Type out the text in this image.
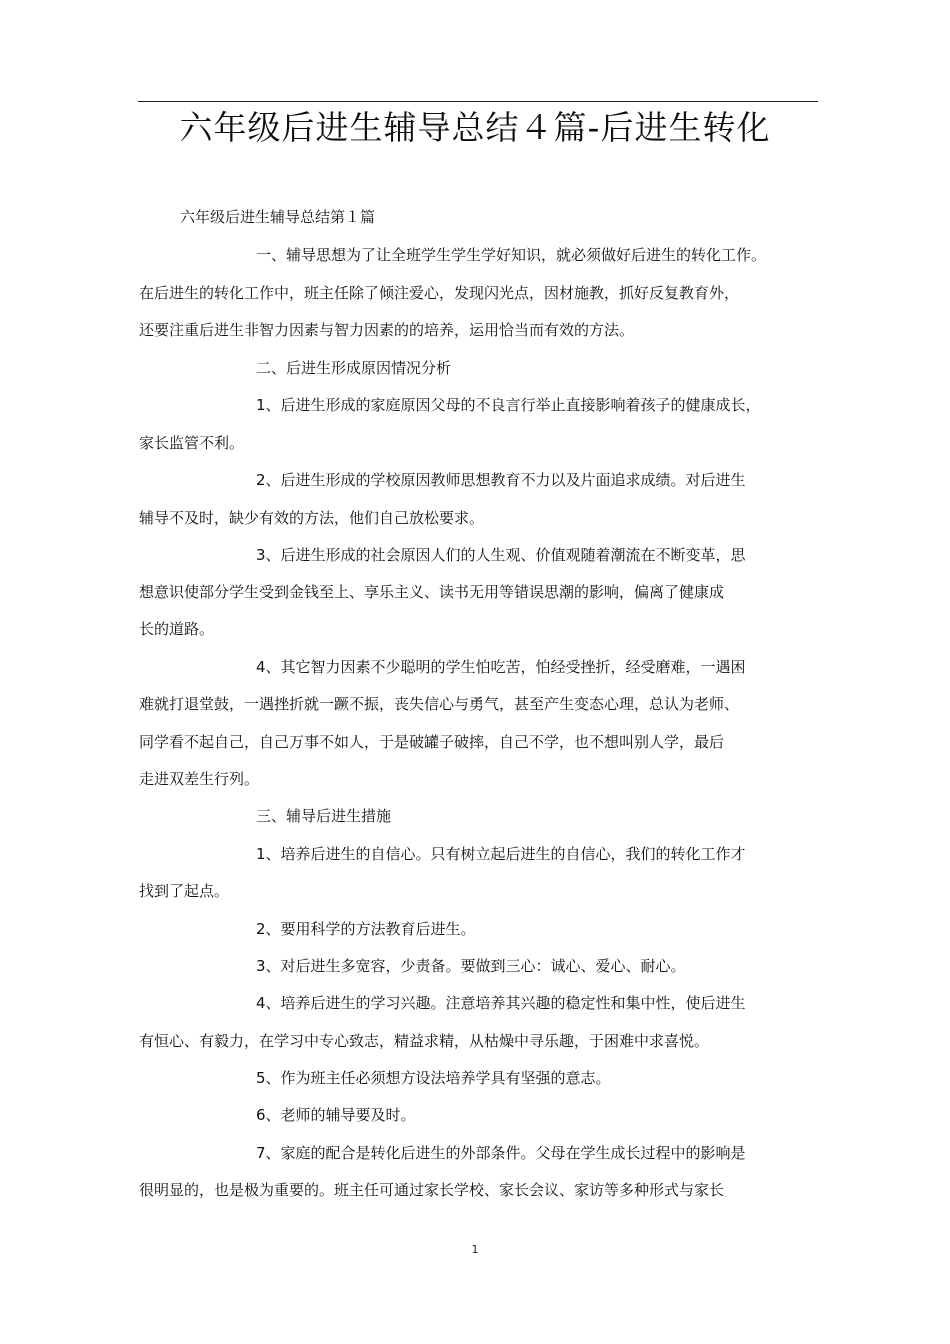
六年级后进生辅导总结４篇-后进生转化
六年级后进生辅导总结第１篇
一、辅导思想为了让全班学生学生学好知识，就必须做好后进生的转化工作。
在后进生的转化工作中，班主任除了倾注爱心，发现闪光点，因材施教，抓好反复教育外，
还要注重后进生非智力因素与智力因素的的培养，运用恰当而有效的方法。
二、后进生形成原因情况分析
1、后进生形成的家庭原因父母的不良言行举止直接影响着孩子的健康成长，
家长监管不利。
2、后进生形成的学校原因教师思想教育不力以及片面追求成绩。对后进生
辅导不及时，缺少有效的方法，他们自己放松要求。
3、后进生形成的社会原因人们的人生观、价值观随着潮流在不断变革，思
想意识使部分学生受到金钱至上、享乐主义、读书无用等错误思潮的影响，偏离了健康成
长的道路。
4、其它智力因素不少聪明的学生怕吃苦，怕经受挫折，经受磨难，一遇困
难就打退堂鼓，一遇挫折就一蹶不振，丧失信心与勇气，甚至产生变态心理，总认为老师、
同学看不起自己，自己万事不如人，于是破罐子破摔，自己不学，也不想叫别人学，最后
走进双差生行列。
三、辅导后进生措施
1、培养后进生的自信心。只有树立起后进生的自信心，我们的转化工作才
找到了起点。
2、要用科学的方法教育后进生。
3、对后进生多宽容，少责备。要做到三心：诚心、爱心、耐心。
4、培养后进生的学习兴趣。注意培养其兴趣的稳定性和集中性，使后进生
有恒心、有毅力，在学习中专心致志，精益求精，从枯燥中寻乐趣，于困难中求喜悦。
5、作为班主任必须想方设法培养学具有坚强的意志。
6、老师的辅导要及时。
7、家庭的配合是转化后进生的外部条件。父母在学生成长过程中的影响是
很明显的，也是极为重要的。班主任可通过家长学校、家长会议、家访等多种形式与家长
1
